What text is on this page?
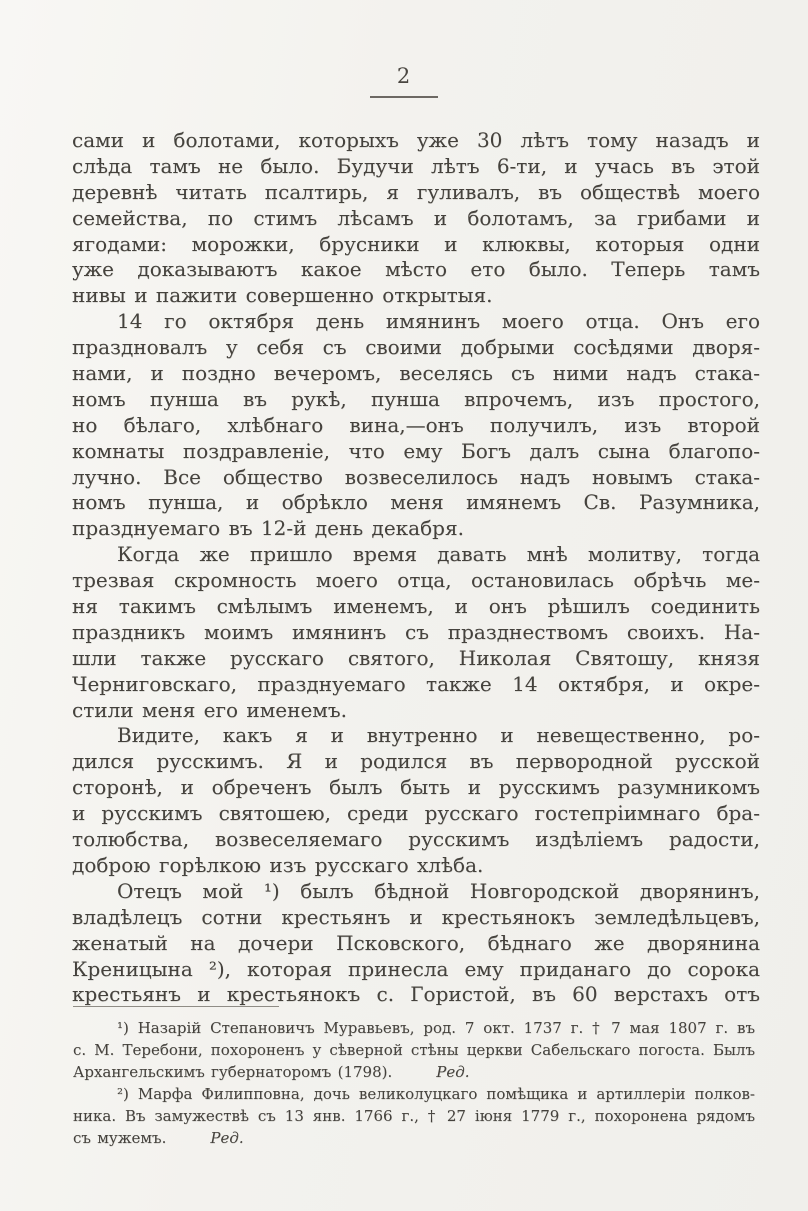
2
сами и болотами, которыхъ уже 30 лѣтъ тому назадъ и
слѣда тамъ не было. Будучи лѣтъ 6-ти, и учась въ этой
деревнѣ читать псалтирь, я гуливалъ, въ обществѣ моего
семейства, по стимъ лѣсамъ и болотамъ, за грибами и
ягодами: морожки, брусники и клюквы, которыя одни
уже доказываютъ какое мѣсто ето было. Теперь тамъ
нивы и пажити совершенно открытыя.
14 го октября день имянинъ моего отца. Онъ его
праздновалъ у себя съ своими добрыми сосѣдями дворя-
нами, и поздно вечеромъ, веселясь съ ними надъ стака-
номъ пунша въ рукѣ, пунша впрочемъ, изъ простого,
но бѣлаго, хлѣбнаго вина,—онъ получилъ, изъ второй
комнаты поздравленіе, что ему Богъ далъ сына благопо-
лучно. Все общество возвеселилось надъ новымъ стака-
номъ пунша, и обрѣкло меня имянемъ Св. Разумника,
празднуемаго въ 12-й день декабря.
Когда же пришло время давать мнѣ молитву, тогда
трезвая скромность моего отца, остановилась обрѣчь ме-
ня такимъ смѣлымъ именемъ, и онъ рѣшилъ соединить
праздникъ моимъ имянинъ съ празднествомъ своихъ. На-
шли также русскаго святого, Николая Святошу, князя
Черниговскаго, празднуемаго также 14 октября, и окре-
стили меня его именемъ.
Видите, какъ я и внутренно и невещественно, ро-
дился русскимъ. Я и родился въ первородной русской
сторонѣ, и обреченъ былъ быть и русскимъ разумникомъ
и русскимъ святошею, среди русскаго гостепріимнаго бра-
толюбства, возвеселяемаго русскимъ издѣліемъ радости,
доброю горѣлкою изъ русскаго хлѣба.
Отецъ мой ¹) былъ бѣдной Новгородской дворянинъ,
владѣлецъ сотни крестьянъ и крестьянокъ земледѣльцевъ,
женатый на дочери Псковского, бѣднаго же дворянина
Креницына ²), которая принесла ему приданаго до сорока
крестьянъ и крестьянокъ с. Гористой, въ 60 верстахъ отъ
¹) Назарій Степановичъ Муравьевъ, род. 7 окт. 1737 г. † 7 мая 1807 г. въ
с. М. Теребони, похороненъ у сѣверной стѣны церкви Сабельскаго погоста. Былъ
Архангельскимъ губернаторомъ (1798).	Ред.
²) Марфа Филипповна, дочь великолуцкаго помѣщика и артиллеріи полков-
ника. Въ замужествѣ съ 13 янв. 1766 г., † 27 іюня 1779 г., похоронена рядомъ
съ мужемъ.	Ред.
